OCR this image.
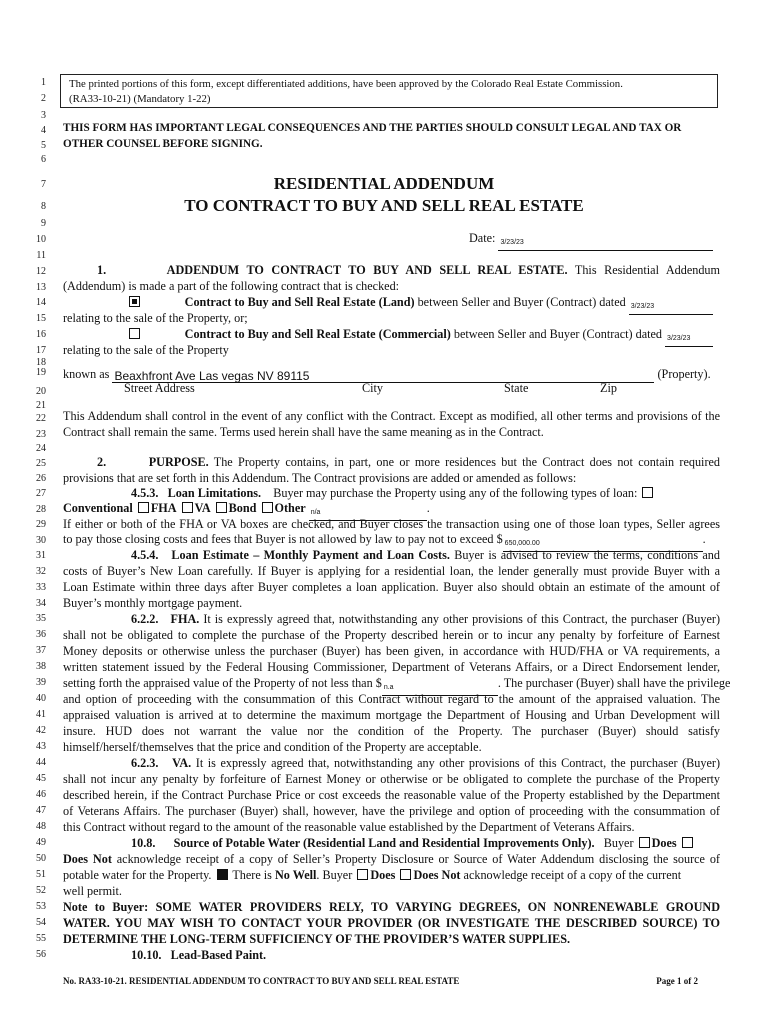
1
2
3
4
5
6
7
8
9
10
11
12
13
14
15
16
17
18
19
20
21
22
23
24
25
26
27
28
29
30
31
32
33
34
35
36
37
38
39
40
41
42
43
44
45
46
47
48
49
50
51
52
53
54
55
56
The printed portions of this form, except differentiated additions, have been approved by the Colorado Real Estate Commission.
(RA33-10-21) (Mandatory 1-22)
THIS FORM HAS IMPORTANT LEGAL CONSEQUENCES AND THE PARTIES SHOULD CONSULT LEGAL AND TAX OR
OTHER COUNSEL BEFORE SIGNING.
RESIDENTIAL ADDENDUM
TO CONTRACT TO BUY AND SELL REAL ESTATE
Date: 3/23/23
1.	ADDENDUM TO CONTRACT TO BUY AND SELL REAL ESTATE. This Residential Addendum
(Addendum) is made a part of the following contract that is checked:
Contract to Buy and Sell Real Estate (Land) between Seller and Buyer (Contract) dated 3/23/23
relating to the sale of the Property, or;
Contract to Buy and Sell Real Estate (Commercial) between Seller and Buyer (Contract) dated 3/23/23
relating to the sale of the Property
known as Beaxhfront Ave Las vegas NV 89115	(Property).
Street Address	City	State	Zip
This Addendum shall control in the event of any conflict with the Contract. Except as modified, all other terms and provisions of the
Contract shall remain the same. Terms used herein shall have the same meaning as in the Contract.
2.	PURPOSE. The Property contains, in part, one or more residences but the Contract does not contain required
provisions that are set forth in this Addendum. The Contract provisions are added or amended as follows:
4.5.3. Loan Limitations. Buyer may purchase the Property using any of the following types of loan:
Conventional FHA VA Bond Other n/a	.
If either or both of the FHA or VA boxes are checked, and Buyer closes the transaction using one of those loan types, Seller agrees
to pay those closing costs and fees that Buyer is not allowed by law to pay not to exceed $ 650,000.00	.
4.5.4. Loan Estimate – Monthly Payment and Loan Costs. Buyer is advised to review the terms, conditions and
costs of Buyer’s New Loan carefully. If Buyer is applying for a residential loan, the lender generally must provide Buyer with a
Loan Estimate within three days after Buyer completes a loan application. Buyer also should obtain an estimate of the amount of
Buyer’s monthly mortgage payment.
6.2.2. FHA. It is expressly agreed that, notwithstanding any other provisions of this Contract, the purchaser (Buyer)
shall not be obligated to complete the purchase of the Property described herein or to incur any penalty by forfeiture of Earnest
Money deposits or otherwise unless the purchaser (Buyer) has been given, in accordance with HUD/FHA or VA requirements, a
written statement issued by the Federal Housing Commissioner, Department of Veterans Affairs, or a Direct Endorsement lender,
setting forth the appraised value of the Property of not less than $ n.a	. The purchaser (Buyer) shall have the privilege
and option of proceeding with the consummation of this Contract without regard to the amount of the appraised valuation. The
appraised valuation is arrived at to determine the maximum mortgage the Department of Housing and Urban Development will
insure. HUD does not warrant the value nor the condition of the Property. The purchaser (Buyer) should satisfy
himself/herself/themselves that the price and condition of the Property are acceptable.
6.2.3. VA. It is expressly agreed that, notwithstanding any other provisions of this Contract, the purchaser (Buyer)
shall not incur any penalty by forfeiture of Earnest Money or otherwise or be obligated to complete the purchase of the Property
described herein, if the Contract Purchase Price or cost exceeds the reasonable value of the Property established by the Department
of Veterans Affairs. The purchaser (Buyer) shall, however, have the privilege and option of proceeding with the consummation of
this Contract without regard to the amount of the reasonable value established by the Department of Veterans Affairs.
10.8. Source of Potable Water (Residential Land and Residential Improvements Only). Buyer Does
Does Not acknowledge receipt of a copy of Seller’s Property Disclosure or Source of Water Addendum disclosing the source of
potable water for the Property. There is No Well. Buyer Does Does Not acknowledge receipt of a copy of the current
well permit.
Note to Buyer: SOME WATER PROVIDERS RELY, TO VARYING DEGREES, ON NONRENEWABLE GROUND
WATER. YOU MAY WISH TO CONTACT YOUR PROVIDER (OR INVESTIGATE THE DESCRIBED SOURCE) TO
DETERMINE THE LONG-TERM SUFFICIENCY OF THE PROVIDER’S WATER SUPPLIES.
10.10. Lead-Based Paint.
No. RA33-10-21. RESIDENTIAL ADDENDUM TO CONTRACT TO BUY AND SELL REAL ESTATE	Page 1 of 2
